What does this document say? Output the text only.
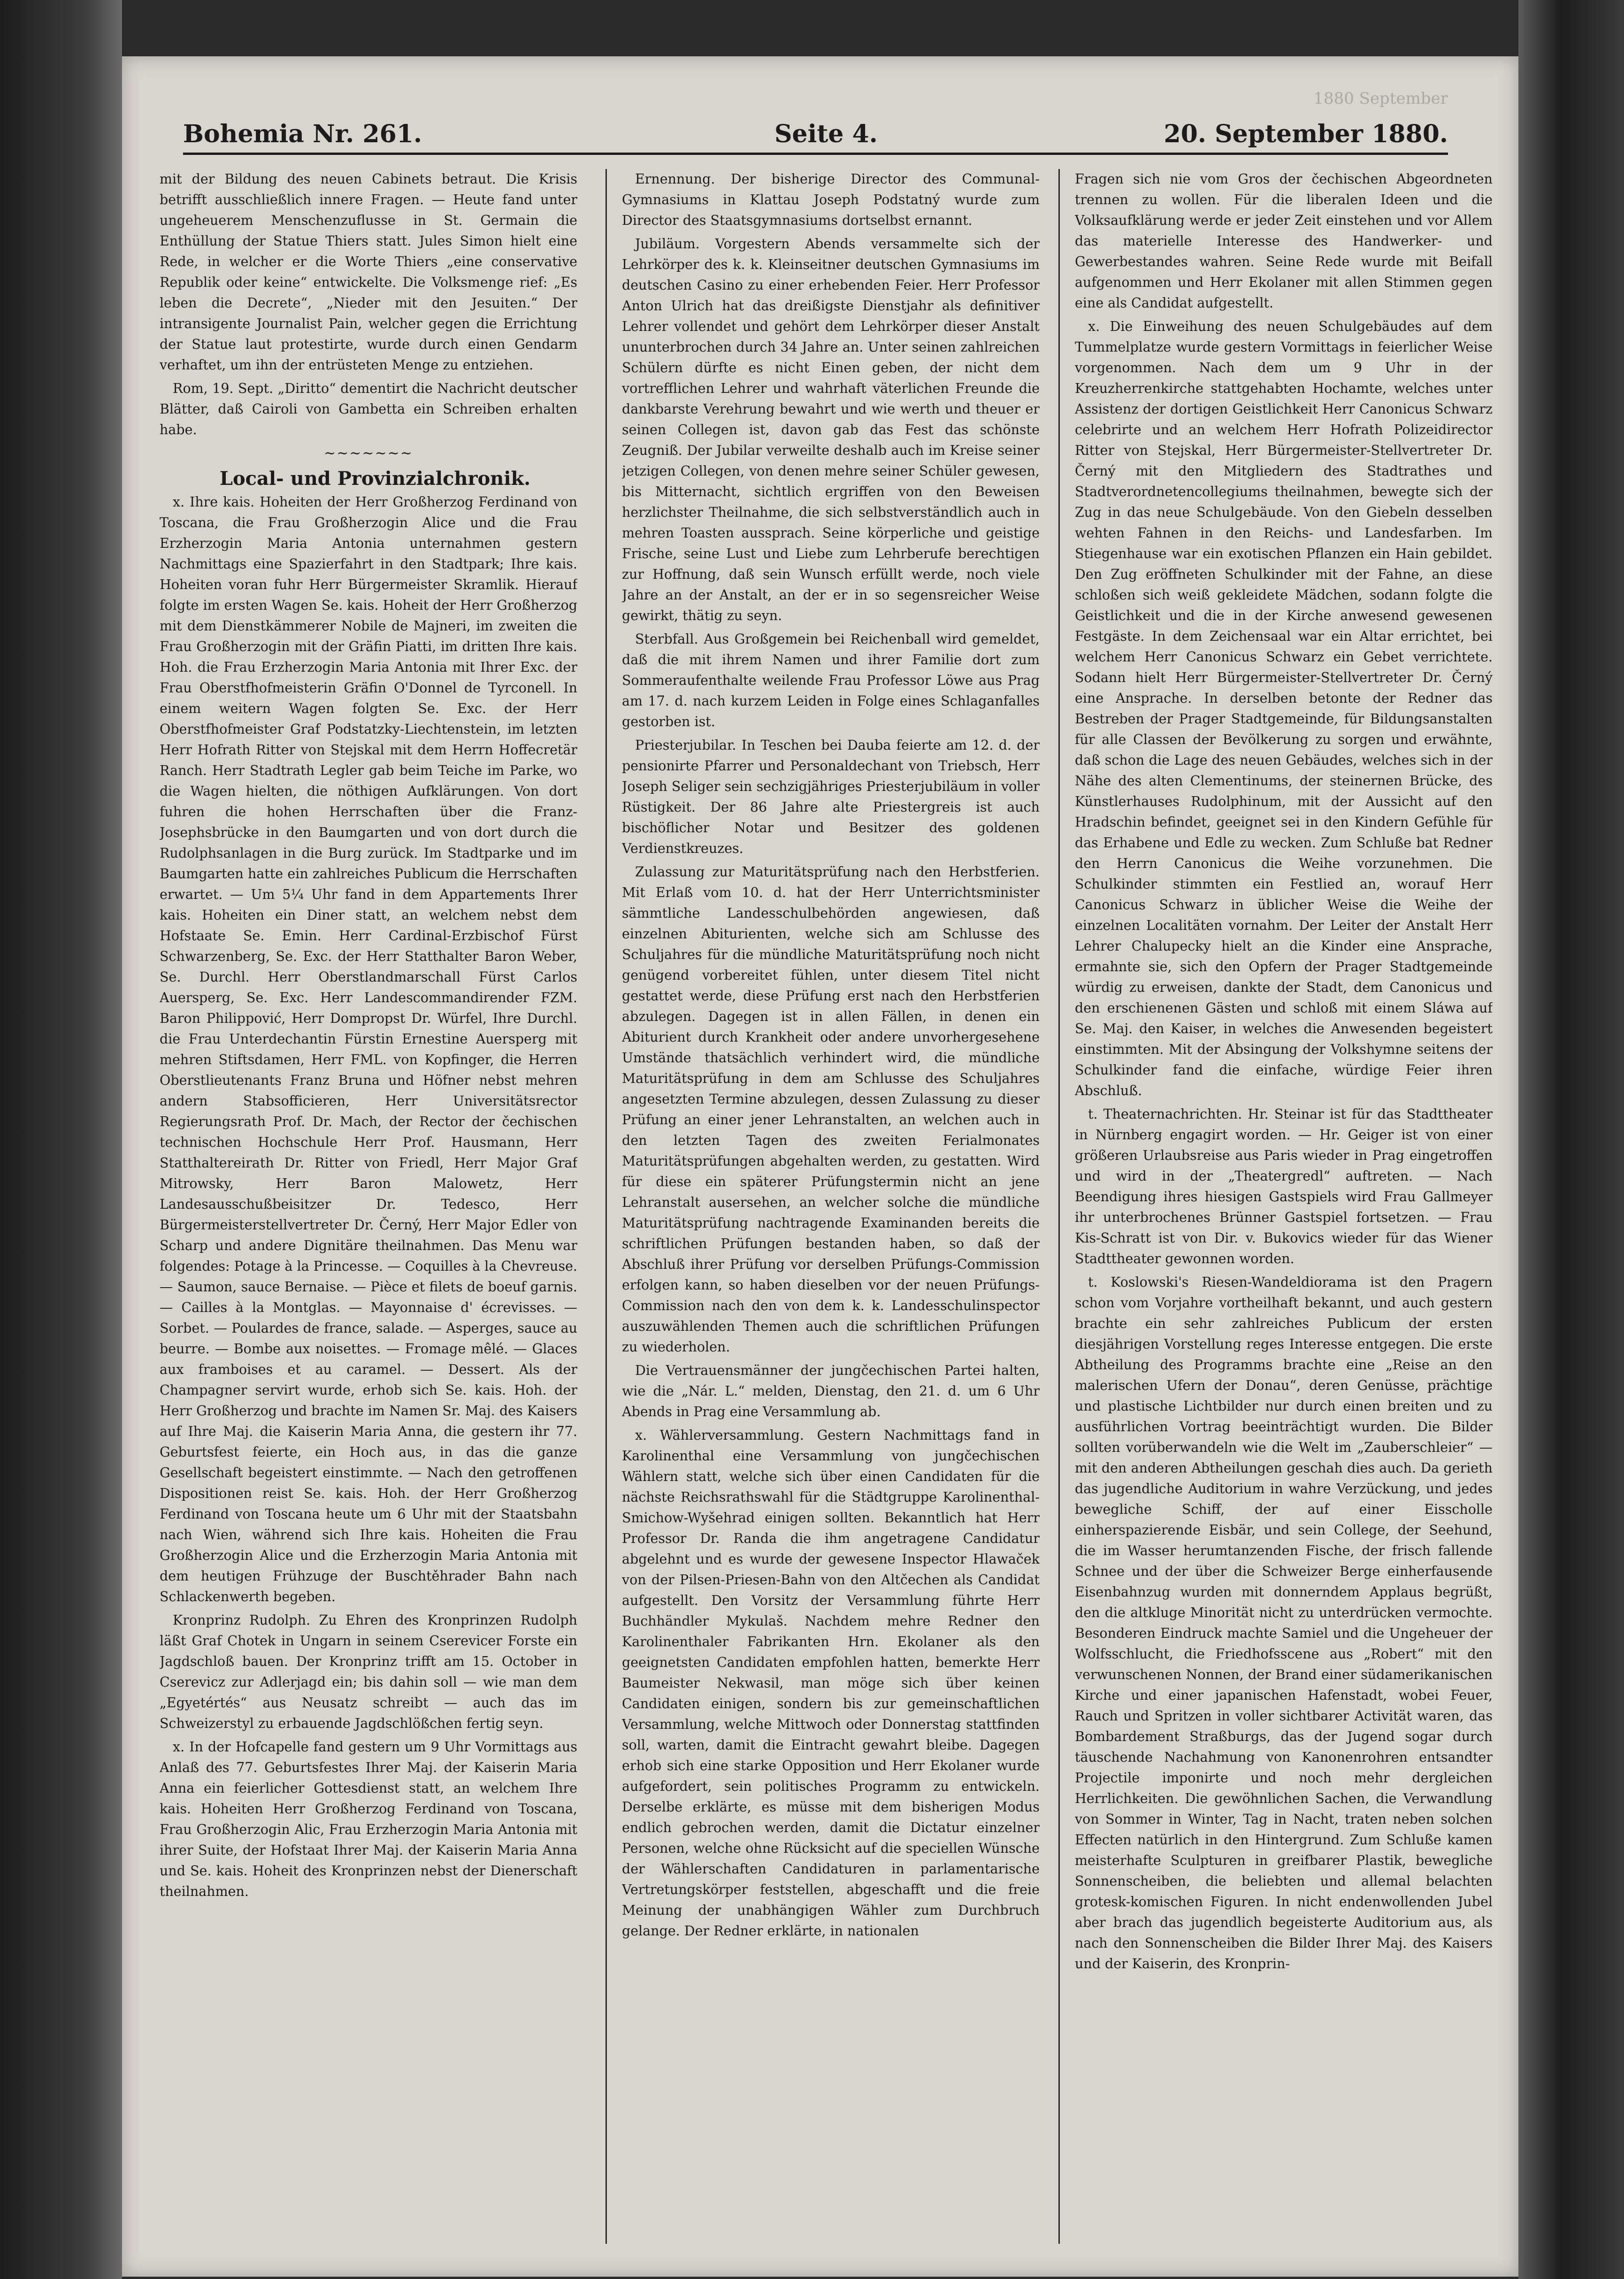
1880 September
Bohemia Nr. 261.	Seite 4.	20. September 1880.

mit der Bildung des neuen Cabinets betraut. Die Krisis betrifft ausschließlich innere Fragen. — Heute fand unter ungeheuerem Menschenzuflusse in St. Germain die Enthüllung der Statue Thiers statt. Jules Simon hielt eine Rede, in welcher er die Worte Thiers „eine conservative Republik oder keine“ entwickelte. Die Volksmenge rief: „Es leben die Decrete“, „Nieder mit den Jesuiten.“ Der intransigente Journalist Pain, welcher gegen die Errichtung der Statue laut protestirte, wurde durch einen Gendarm verhaftet, um ihn der entrüsteten Menge zu entziehen.

Rom, 19. Sept. „Diritto“ dementirt die Nachricht deutscher Blätter, daß Cairoli von Gambetta ein Schreiben erhalten habe.

~~~~~~~

Local- und Provinzialchronik.

x. Ihre kais. Hoheiten der Herr Großherzog Ferdinand von Toscana, die Frau Großherzogin Alice und die Frau Erzherzogin Maria Antonia unternahmen gestern Nachmittags eine Spazierfahrt in den Stadtpark; Ihre kais. Hoheiten voran fuhr Herr Bürgermeister Skramlik. Hierauf folgte im ersten Wagen Se. kais. Hoheit der Herr Großherzog mit dem Dienstkämmerer Nobile de Majneri, im zweiten die Frau Großherzogin mit der Gräfin Piatti, im dritten Ihre kais. Hoh. die Frau Erzherzogin Maria Antonia mit Ihrer Exc. der Frau Oberstfhofmeisterin Gräfin O'Donnel de Tyrconell. In einem weitern Wagen folgten Se. Exc. der Herr Oberstfhofmeister Graf Podstatzky-Liechtenstein, im letzten Herr Hofrath Ritter von Stejskal mit dem Herrn Hoffecretär Ranch. Herr Stadtrath Legler gab beim Teiche im Parke, wo die Wagen hielten, die nöthigen Aufklärungen. Von dort fuhren die hohen Herrschaften über die Franz-Josephsbrücke in den Baumgarten und von dort durch die Rudolphsanlagen in die Burg zurück. Im Stadtparke und im Baumgarten hatte ein zahlreiches Publicum die Herrschaften erwartet. — Um 5¼ Uhr fand in dem Appartements Ihrer kais. Hoheiten ein Diner statt, an welchem nebst dem Hofstaate Se. Emin. Herr Cardinal-Erzbischof Fürst Schwarzenberg, Se. Exc. der Herr Statthalter Baron Weber, Se. Durchl. Herr Oberstlandmarschall Fürst Carlos Auersperg, Se. Exc. Herr Landescommandirender FZM. Baron Philippović, Herr Dompropst Dr. Würfel, Ihre Durchl. die Frau Unterdechantin Fürstin Ernestine Auersperg mit mehren Stiftsdamen, Herr FML. von Kopfinger, die Herren Oberstlieutenants Franz Bruna und Höfner nebst mehren andern Stabsofficieren, Herr Universitätsrector Regierungsrath Prof. Dr. Mach, der Rector der čechischen technischen Hochschule Herr Prof. Hausmann, Herr Statthaltereirath Dr. Ritter von Friedl, Herr Major Graf Mitrowsky, Herr Baron Malowetz, Herr Landesausschußbeisitzer Dr. Tedesco, Herr Bürgermeisterstellvertreter Dr. Černý, Herr Major Edler von Scharp und andere Dignitäre theilnahmen. Das Menu war folgendes: Potage à la Princesse. — Coquilles à la Chevreuse. — Saumon, sauce Bernaise. — Pièce et filets de boeuf garnis. — Cailles à la Montglas. — Mayonnaise d' écrevisses. — Sorbet. — Poulardes de france, salade. — Asperges, sauce au beurre. — Bombe aux noisettes. — Fromage mêlé. — Glaces aux framboises et au caramel. — Dessert. Als der Champagner servirt wurde, erhob sich Se. kais. Hoh. der Herr Großherzog und brachte im Namen Sr. Maj. des Kaisers auf Ihre Maj. die Kaiserin Maria Anna, die gestern ihr 77. Geburtsfest feierte, ein Hoch aus, in das die ganze Gesellschaft begeistert einstimmte. — Nach den getroffenen Dispositionen reist Se. kais. Hoh. der Herr Großherzog Ferdinand von Toscana heute um 6 Uhr mit der Staatsbahn nach Wien, während sich Ihre kais. Hoheiten die Frau Großherzogin Alice und die Erzherzogin Maria Antonia mit dem heutigen Frühzuge der Buschtěhrader Bahn nach Schlackenwerth begeben.

Kronprinz Rudolph. Zu Ehren des Kronprinzen Rudolph läßt Graf Chotek in Ungarn in seinem Cserevicer Forste ein Jagdschloß bauen. Der Kronprinz trifft am 15. October in Cserevicz zur Adlerjagd ein; bis dahin soll — wie man dem „Egyetértés“ aus Neusatz schreibt — auch das im Schweizerstyl zu erbauende Jagdschlößchen fertig seyn.

x. In der Hofcapelle fand gestern um 9 Uhr Vormittags aus Anlaß des 77. Geburtsfestes Ihrer Maj. der Kaiserin Maria Anna ein feierlicher Gottesdienst statt, an welchem Ihre kais. Hoheiten Herr Großherzog Ferdinand von Toscana, Frau Großherzogin Alic, Frau Erzherzogin Maria Antonia mit ihrer Suite, der Hofstaat Ihrer Maj. der Kaiserin Maria Anna und Se. kais. Hoheit des Kronprinzen nebst der Dienerschaft theilnahmen.

Ernennung. Der bisherige Director des Communal-Gymnasiums in Klattau Joseph Podstatný wurde zum Director des Staatsgymnasiums dortselbst ernannt.

Jubiläum. Vorgestern Abends versammelte sich der Lehrkörper des k. k. Kleinseitner deutschen Gymnasiums im deutschen Casino zu einer erhebenden Feier. Herr Professor Anton Ulrich hat das dreißigste Dienstjahr als definitiver Lehrer vollendet und gehört dem Lehrkörper dieser Anstalt ununterbrochen durch 34 Jahre an. Unter seinen zahlreichen Schülern dürfte es nicht Einen geben, der nicht dem vortrefflichen Lehrer und wahrhaft väterlichen Freunde die dankbarste Verehrung bewahrt und wie werth und theuer er seinen Collegen ist, davon gab das Fest das schönste Zeugniß. Der Jubilar verweilte deshalb auch im Kreise seiner jetzigen Collegen, von denen mehre seiner Schüler gewesen, bis Mitternacht, sichtlich ergriffen von den Beweisen herzlichster Theilnahme, die sich selbstverständlich auch in mehren Toasten aussprach. Seine körperliche und geistige Frische, seine Lust und Liebe zum Lehrberufe berechtigen zur Hoffnung, daß sein Wunsch erfüllt werde, noch viele Jahre an der Anstalt, an der er in so segensreicher Weise gewirkt, thätig zu seyn.

Sterbfall. Aus Großgemein bei Reichenball wird gemeldet, daß die mit ihrem Namen und ihrer Familie dort zum Sommeraufenthalte weilende Frau Professor Löwe aus Prag am 17. d. nach kurzem Leiden in Folge eines Schlaganfalles gestorben ist.

Priesterjubilar. In Teschen bei Dauba feierte am 12. d. der pensionirte Pfarrer und Personaldechant von Triebsch, Herr Joseph Seliger sein sechzigjähriges Priesterjubiläum in voller Rüstigkeit. Der 86 Jahre alte Priestergreis ist auch bischöflicher Notar und Besitzer des goldenen Verdienstkreuzes.

Zulassung zur Maturitätsprüfung nach den Herbstferien. Mit Erlaß vom 10. d. hat der Herr Unterrichtsminister sämmtliche Landesschulbehörden angewiesen, daß einzelnen Abiturienten, welche sich am Schlusse des Schuljahres für die mündliche Maturitätsprüfung noch nicht genügend vorbereitet fühlen, unter diesem Titel nicht gestattet werde, diese Prüfung erst nach den Herbstferien abzulegen. Dagegen ist in allen Fällen, in denen ein Abiturient durch Krankheit oder andere unvorhergesehene Umstände thatsächlich verhindert wird, die mündliche Maturitätsprüfung in dem am Schlusse des Schuljahres angesetzten Termine abzulegen, dessen Zulassung zu dieser Prüfung an einer jener Lehranstalten, an welchen auch in den letzten Tagen des zweiten Ferialmonates Maturitätsprüfungen abgehalten werden, zu gestatten. Wird für diese ein späterer Prüfungstermin nicht an jene Lehranstalt ausersehen, an welcher solche die mündliche Maturitätsprüfung nachtragende Examinanden bereits die schriftlichen Prüfungen bestanden haben, so daß der Abschluß ihrer Prüfung vor derselben Prüfungs-Commission erfolgen kann, so haben dieselben vor der neuen Prüfungs-Commission nach den von dem k. k. Landesschulinspector auszuwählenden Themen auch die schriftlichen Prüfungen zu wiederholen.

Die Vertrauensmänner der jungčechischen Partei halten, wie die „Nár. L.“ melden, Dienstag, den 21. d. um 6 Uhr Abends in Prag eine Versammlung ab.

x. Wählerversammlung. Gestern Nachmittags fand in Karolinenthal eine Versammlung von jungčechischen Wählern statt, welche sich über einen Candidaten für die nächste Reichsrathswahl für die Städtgruppe Karolinenthal-Smichow-Wyšehrad einigen sollten. Bekanntlich hat Herr Professor Dr. Randa die ihm angetragene Candidatur abgelehnt und es wurde der gewesene Inspector Hlawaček von der Pilsen-Priesen-Bahn von den Altčechen als Candidat aufgestellt. Den Vorsitz der Versammlung führte Herr Buchhändler Mykulaš. Nachdem mehre Redner den Karolinenthaler Fabrikanten Hrn. Ekolaner als den geeignetsten Candidaten empfohlen hatten, bemerkte Herr Baumeister Nekwasil, man möge sich über keinen Candidaten einigen, sondern bis zur gemeinschaftlichen Versammlung, welche Mittwoch oder Donnerstag stattfinden soll, warten, damit die Eintracht gewahrt bleibe. Dagegen erhob sich eine starke Opposition und Herr Ekolaner wurde aufgefordert, sein politisches Programm zu entwickeln. Derselbe erklärte, es müsse mit dem bisherigen Modus endlich gebrochen werden, damit die Dictatur einzelner Personen, welche ohne Rücksicht auf die speciellen Wünsche der Wählerschaften Candidaturen in parlamentarische Vertretungskörper feststellen, abgeschafft und die freie Meinung der unabhängigen Wähler zum Durchbruch gelange. Der Redner erklärte, in nationalen

Fragen sich nie vom Gros der čechischen Abgeordneten trennen zu wollen. Für die liberalen Ideen und die Volksaufklärung werde er jeder Zeit einstehen und vor Allem das materielle Interesse des Handwerker- und Gewerbestandes wahren. Seine Rede wurde mit Beifall aufgenommen und Herr Ekolaner mit allen Stimmen gegen eine als Candidat aufgestellt.

x. Die Einweihung des neuen Schulgebäudes auf dem Tummelplatze wurde gestern Vormittags in feierlicher Weise vorgenommen. Nach dem um 9 Uhr in der Kreuzherrenkirche stattgehabten Hochamte, welches unter Assistenz der dortigen Geistlichkeit Herr Canonicus Schwarz celebrirte und an welchem Herr Hofrath Polizeidirector Ritter von Stejskal, Herr Bürgermeister-Stellvertreter Dr. Černý mit den Mitgliedern des Stadtrathes und Stadtverordnetencollegiums theilnahmen, bewegte sich der Zug in das neue Schulgebäude. Von den Giebeln desselben wehten Fahnen in den Reichs- und Landesfarben. Im Stiegenhause war ein exotischen Pflanzen ein Hain gebildet. Den Zug eröffneten Schulkinder mit der Fahne, an diese schloßen sich weiß gekleidete Mädchen, sodann folgte die Geistlichkeit und die in der Kirche anwesend gewesenen Festgäste. In dem Zeichensaal war ein Altar errichtet, bei welchem Herr Canonicus Schwarz ein Gebet verrichtete. Sodann hielt Herr Bürgermeister-Stellvertreter Dr. Černý eine Ansprache. In derselben betonte der Redner das Bestreben der Prager Stadtgemeinde, für Bildungsanstalten für alle Classen der Bevölkerung zu sorgen und erwähnte, daß schon die Lage des neuen Gebäudes, welches sich in der Nähe des alten Clementinums, der steinernen Brücke, des Künstlerhauses Rudolphinum, mit der Aussicht auf den Hradschin befindet, geeignet sei in den Kindern Gefühle für das Erhabene und Edle zu wecken. Zum Schluße bat Redner den Herrn Canonicus die Weihe vorzunehmen. Die Schulkinder stimmten ein Festlied an, worauf Herr Canonicus Schwarz in üblicher Weise die Weihe der einzelnen Localitäten vornahm. Der Leiter der Anstalt Herr Lehrer Chalupecky hielt an die Kinder eine Ansprache, ermahnte sie, sich den Opfern der Prager Stadtgemeinde würdig zu erweisen, dankte der Stadt, dem Canonicus und den erschienenen Gästen und schloß mit einem Sláwa auf Se. Maj. den Kaiser, in welches die Anwesenden begeistert einstimmten. Mit der Absingung der Volkshymne seitens der Schulkinder fand die einfache, würdige Feier ihren Abschluß.

t. Theaternachrichten. Hr. Steinar ist für das Stadttheater in Nürnberg engagirt worden. — Hr. Geiger ist von einer größeren Urlaubsreise aus Paris wieder in Prag eingetroffen und wird in der „Theatergredl“ auftreten. — Nach Beendigung ihres hiesigen Gastspiels wird Frau Gallmeyer ihr unterbrochenes Brünner Gastspiel fortsetzen. — Frau Kis-Schratt ist von Dir. v. Bukovics wieder für das Wiener Stadttheater gewonnen worden.

t. Koslowski's Riesen-Wandeldiorama ist den Pragern schon vom Vorjahre vortheilhaft bekannt, und auch gestern brachte ein sehr zahlreiches Publicum der ersten diesjährigen Vorstellung reges Interesse entgegen. Die erste Abtheilung des Programms brachte eine „Reise an den malerischen Ufern der Donau“, deren Genüsse, prächtige und plastische Lichtbilder nur durch einen breiten und zu ausführlichen Vortrag beeinträchtigt wurden. Die Bilder sollten vorüberwandeln wie die Welt im „Zauberschleier“ — mit den anderen Abtheilungen geschah dies auch. Da gerieth das jugendliche Auditorium in wahre Verzückung, und jedes bewegliche Schiff, der auf einer Eisscholle einherspazierende Eisbär, und sein College, der Seehund, die im Wasser herumtanzenden Fische, der frisch fallende Schnee und der über die Schweizer Berge einherfausende Eisenbahnzug wurden mit donnerndem Applaus begrüßt, den die altkluge Minorität nicht zu unterdrücken vermochte. Besonderen Eindruck machte Samiel und die Ungeheuer der Wolfsschlucht, die Friedhofsscene aus „Robert“ mit den verwunschenen Nonnen, der Brand einer südamerikanischen Kirche und einer japanischen Hafenstadt, wobei Feuer, Rauch und Spritzen in voller sichtbarer Activität waren, das Bombardement Straßburgs, das der Jugend sogar durch täuschende Nachahmung von Kanonenrohren entsandter Projectile imponirte und noch mehr dergleichen Herrlichkeiten. Die gewöhnlichen Sachen, die Verwandlung von Sommer in Winter, Tag in Nacht, traten neben solchen Effecten natürlich in den Hintergrund. Zum Schluße kamen meisterhafte Sculpturen in greifbarer Plastik, bewegliche Sonnenscheiben, die beliebten und allemal belachten grotesk-komischen Figuren. In nicht endenwollenden Jubel aber brach das jugendlich begeisterte Auditorium aus, als nach den Sonnenscheiben die Bilder Ihrer Maj. des Kaisers und der Kaiserin, des Kronprin-
